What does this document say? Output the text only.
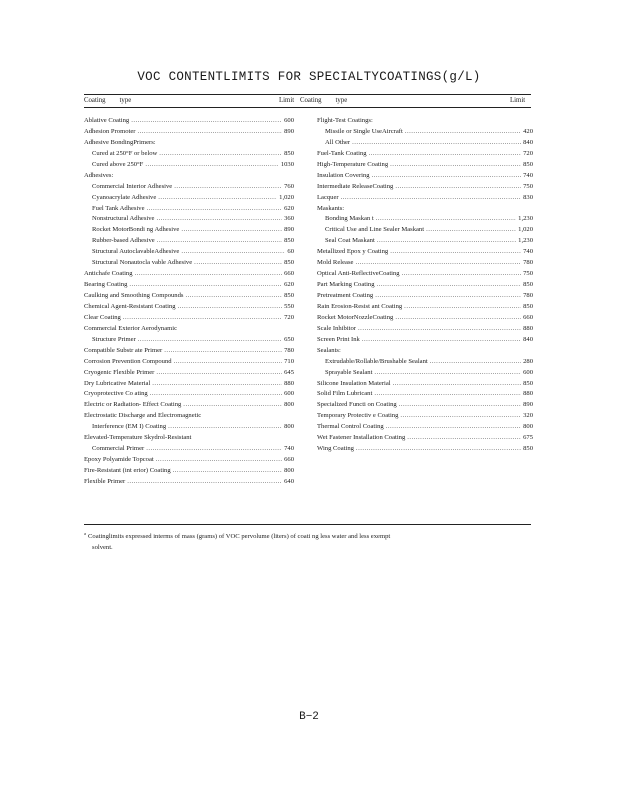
VOC CONTENTLIMITS FOR SPECIALTYCOATINGS(g/L)
Coating type	Limit Coating type	Limit
Ablative Coating .....	600
Adhesion Promoter .....	890
Adhesive BondingPrimers:
Cured at 250°F or below .....	850
Cured above 250°F .....	1030
Adhesives:
Commercial Interior Adhesive .....	760
Cyanoacrylate Adhesive .....	1,020
Fuel Tank Adhesive .....	620
Nonstructural Adhesive .....	360
Rocket MotorBondi ng Adhesive .....	890
Rubber-based Adhesive .....	850
Structural AutoclavableAdhesive .....	60
Structural Nonautocla vable Adhesive .....	850
Antichafe Coating .....	660
Bearing Coating .....	620
Caulking and Smoothing Compounds .....	850
Chemical Agent-Resistant Coating .....	550
Clear Coating .....	720
Commercial Exterior Aerodynamic
Structure Primer .....	650
Compatible Substr ate Primer .....	780
Corrosion Prevention Compound .....	710
Cryogenic Flexible Primer .....	645
Dry Lubricative Material .....	880
Cryoprotective Co ating .....	600
Electric or Radiation- Effect Coating .....	800
Electrostatic Discharge and Electromagnetic
Interference (EM I) Coating .....	800
Elevated-Temperature Skydrol-Resistant
Commercial Primer .....	740
Epoxy Polyamide Topcoat .....	660
Fire-Resistant (int erior) Coating .....	800
Flexible Primer .....	640
Flight-Test Coatings:
Missile or Single UseAircraft .....	420
All Other .....	840
Fuel-Tank Coating .....	720
High-Temperature Coating .....	850
Insulation Covering .....	740
Intermediate ReleaseCoating .....	750
Lacquer .....	830
Maskants:
Bonding Maskan t .....	1,230
Critical Use and Line Sealer Maskant .....	1,020
Seal Coat Maskant .....	1,230
Metallized Epox y Coating .....	740
Mold Release .....	780
Optical Anti-ReflectiveCoating .....	750
Part Marking Coating .....	850
Pretreatment Coating .....	780
Rain Erosion-Resist ant Coating .....	850
Rocket MotorNozzleCoating .....	660
Scale Inhibitor .....	880
Screen Print Ink .....	840
Sealants:
Extrudable/Rollable/Brushable Sealant .....	280
Sprayable Sealant .....	600
Silicone Insulation Material .....	850
Solid Film Lubricant .....	880
Specialized Functi on Coating .....	890
Temporary Protectiv e Coating .....	320
Thermal Control Coating .....	800
Wet Fastener Installation Coating .....	675
Wing Coating .....	850
$^a$ Coatinglimits expressed interms of mass (grams) of VOC pervolume (liters) of coati ng less water and less exempt
solvent.
B−2
